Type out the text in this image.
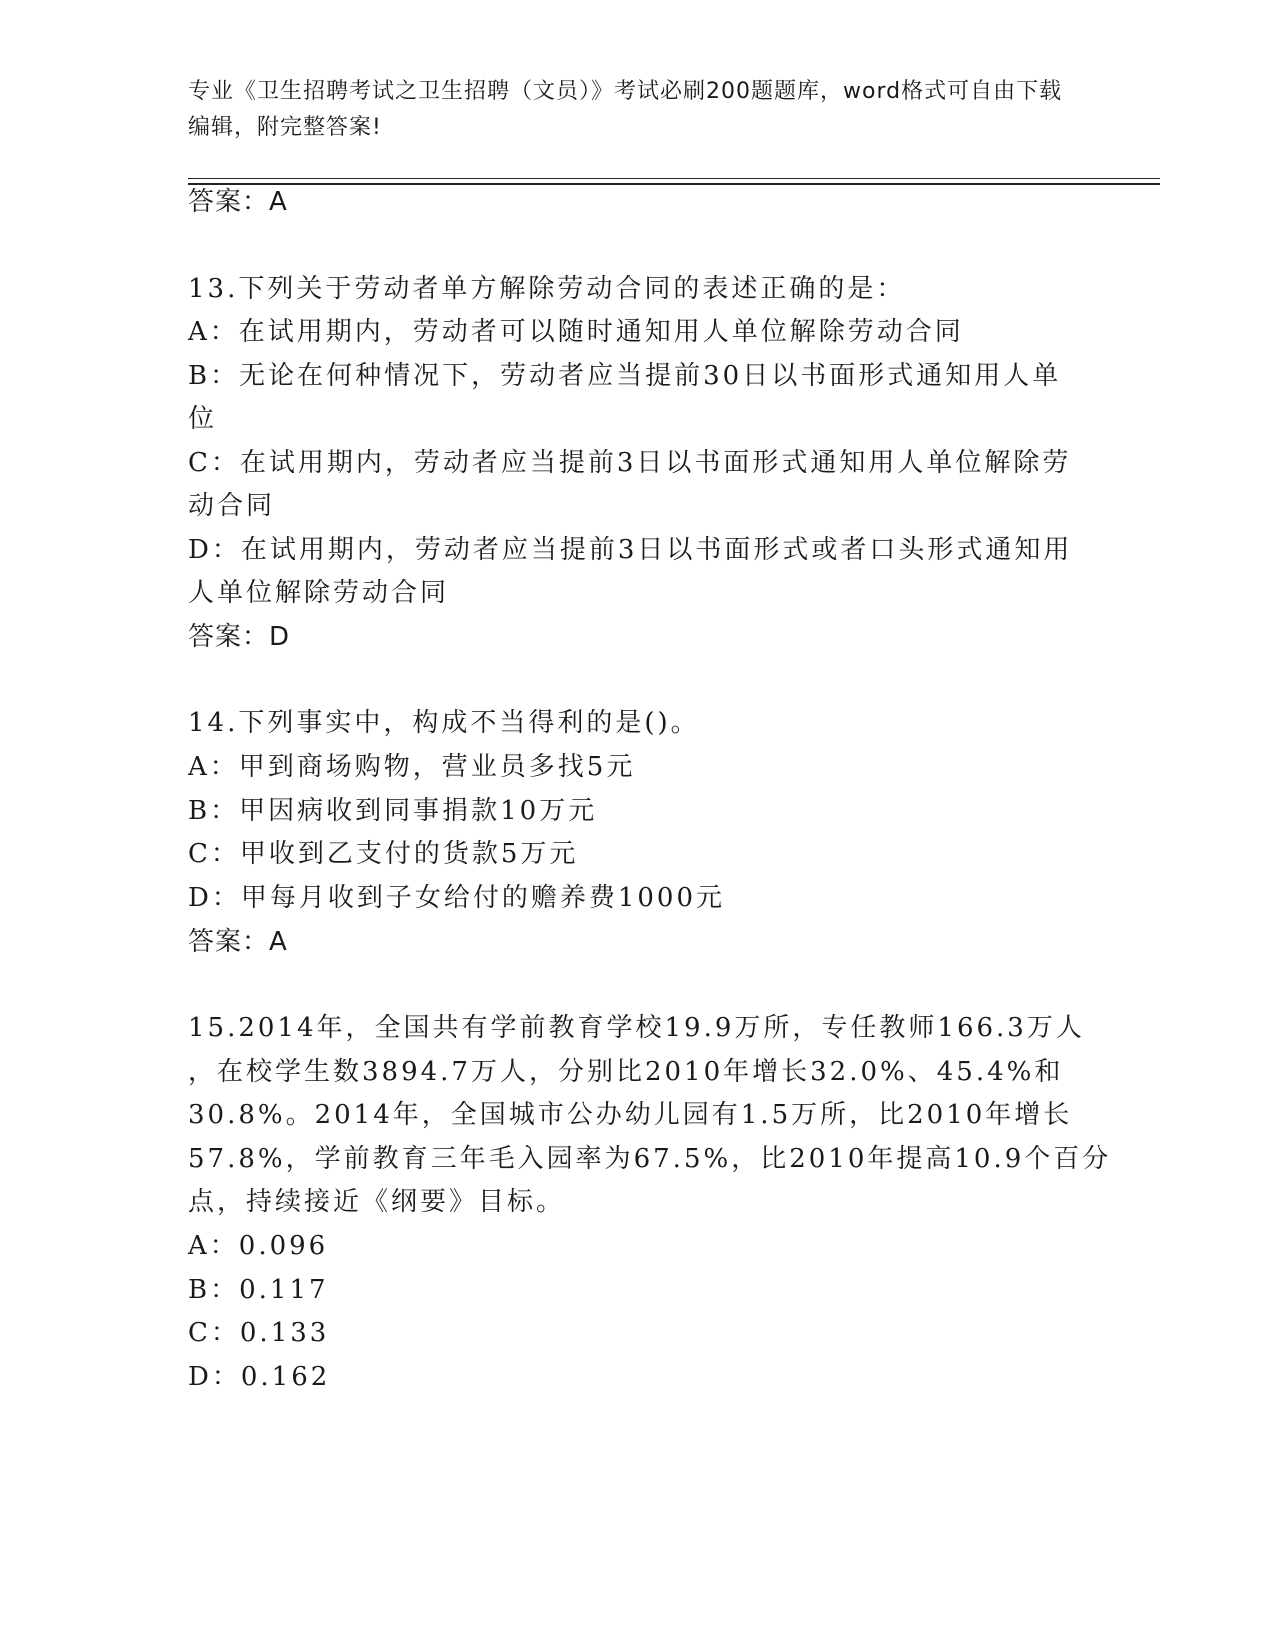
专业《卫生招聘考试之卫生招聘（文员）》考试必刷200题题库，word格式可自由下载编辑，附完整答案!
答案：A
13.下列关于劳动者单方解除劳动合同的表述正确的是：
A：在试用期内，劳动者可以随时通知用人单位解除劳动合同
B：无论在何种情况下，劳动者应当提前30日以书面形式通知用人单
位
C：在试用期内，劳动者应当提前3日以书面形式通知用人单位解除劳
动合同
D：在试用期内，劳动者应当提前3日以书面形式或者口头形式通知用
人单位解除劳动合同
答案：D
14.下列事实中，构成不当得利的是()。
A：甲到商场购物，营业员多找5元
B：甲因病收到同事捐款10万元
C：甲收到乙支付的货款5万元
D：甲每月收到子女给付的赡养费1000元
答案：A
15.2014年，全国共有学前教育学校19.9万所，专任教师166.3万人
，在校学生数3894.7万人，分别比2010年增长32.0%、45.4%和
30.8%。2014年，全国城市公办幼儿园有1.5万所，比2010年增长
57.8%，学前教育三年毛入园率为67.5%，比2010年提高10.9个百分
点，持续接近《纲要》目标。
A：0.096
B：0.117
C：0.133
D：0.162
